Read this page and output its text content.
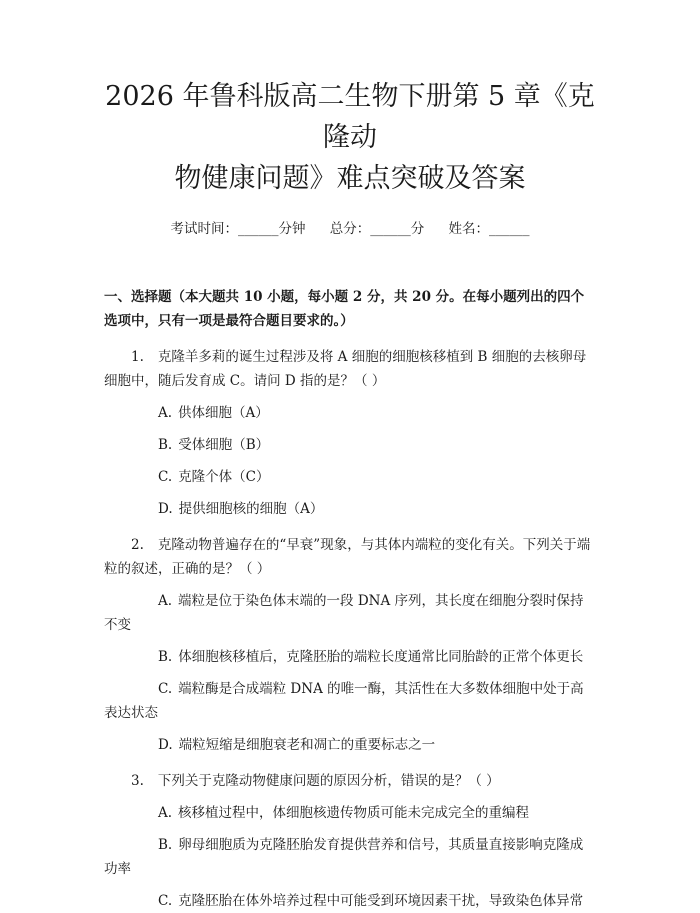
2026 年鲁科版高二生物下册第 5 章《克隆动
物健康问题》难点突破及答案
考试时间：______分钟 总分：______分 姓名：______
一、选择题（本大题共 10 小题，每小题 2 分，共 20 分。在每小题列出的四个选项中，只有一项是最符合题目要求的。）
1. 克隆羊多莉的诞生过程涉及将 A 细胞的细胞核移植到 B 细胞的去核卵母细胞中，随后发育成 C。请问 D 指的是？（ ）
A. 供体细胞（A）
B. 受体细胞（B）
C. 克隆个体（C）
D. 提供细胞核的细胞（A）
2. 克隆动物普遍存在的“早衰”现象，与其体内端粒的变化有关。下列关于端粒的叙述，正确的是？（ ）
A. 端粒是位于染色体末端的一段 DNA 序列，其长度在细胞分裂时保持不变
B. 体细胞核移植后，克隆胚胎的端粒长度通常比同胎龄的正常个体更长
C. 端粒酶是合成端粒 DNA 的唯一酶，其活性在大多数体细胞中处于高表达状态
D. 端粒短缩是细胞衰老和凋亡的重要标志之一
3. 下列关于克隆动物健康问题的原因分析，错误的是？（ ）
A. 核移植过程中，体细胞核遗传物质可能未完成完全的重编程
B. 卵母细胞质为克隆胚胎发育提供营养和信号，其质量直接影响克隆成功率
C. 克隆胚胎在体外培养过程中可能受到环境因素干扰，导致染色体异常
